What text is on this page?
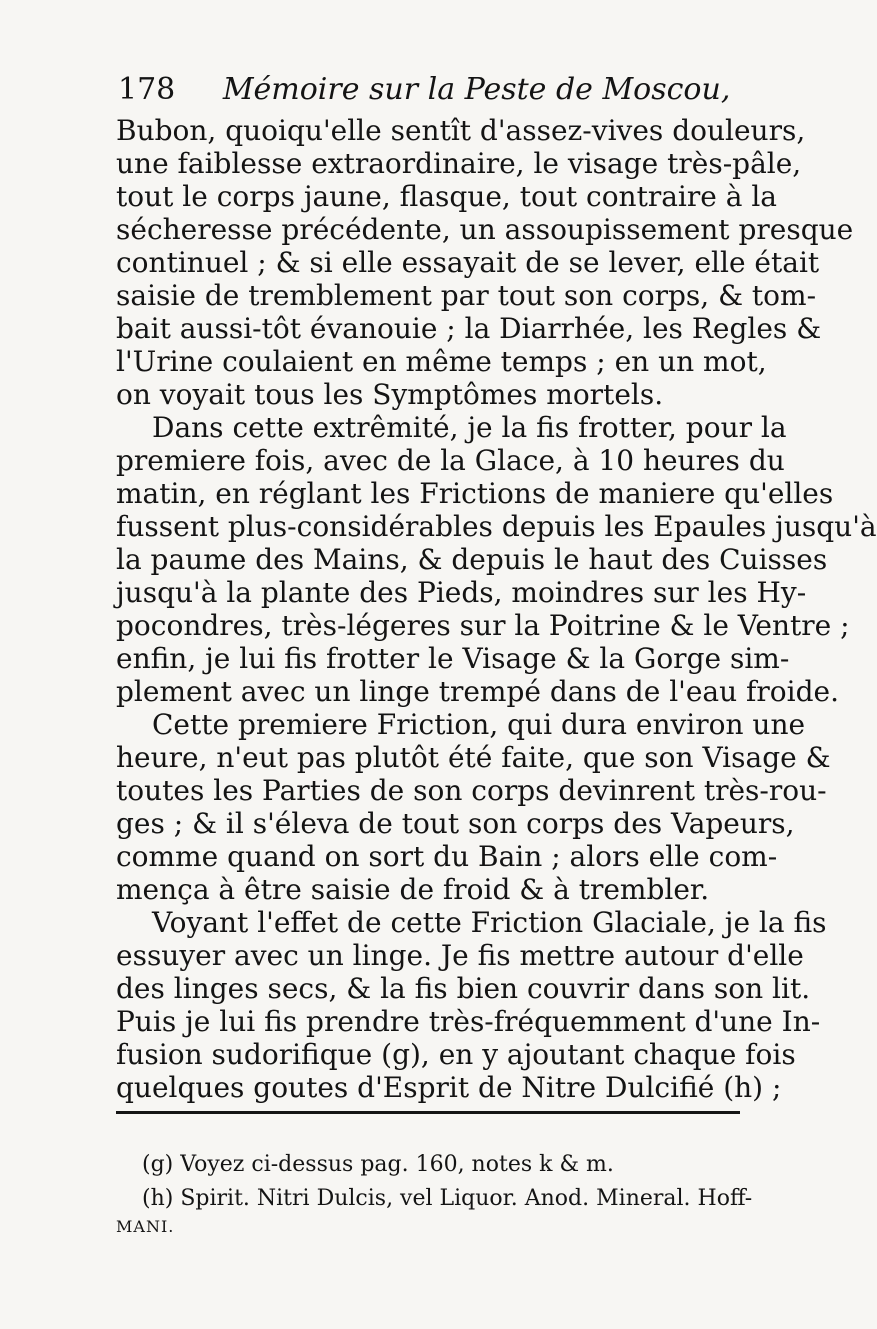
178 Mémoire sur la Peste de Moscou,
Bubon, quoiqu'elle sentît d'assez-vives douleurs,
une faiblesse extraordinaire, le visage très-pâle,
tout le corps jaune, flasque, tout contraire à la
sécheresse précédente, un assoupissement presque
continuel ; & si elle essayait de se lever, elle était
saisie de tremblement par tout son corps, & tom-
bait aussi-tôt évanouie ; la Diarrhée, les Regles &
l'Urine coulaient en même temps ; en un mot,
on voyait tous les Symptômes mortels.
Dans cette extrêmité, je la fis frotter, pour la
premiere fois, avec de la Glace, à 10 heures du
matin, en réglant les Frictions de maniere qu'elles
fussent plus-considérables depuis les Epaules jusqu'à
la paume des Mains, & depuis le haut des Cuisses
jusqu'à la plante des Pieds, moindres sur les Hy-
pocondres, très-légeres sur la Poitrine & le Ventre ;
enfin, je lui fis frotter le Visage & la Gorge sim-
plement avec un linge trempé dans de l'eau froide.
Cette premiere Friction, qui dura environ une
heure, n'eut pas plutôt été faite, que son Visage &
toutes les Parties de son corps devinrent très-rou-
ges ; & il s'éleva de tout son corps des Vapeurs,
comme quand on sort du Bain ; alors elle com-
mença à être saisie de froid & à trembler.
Voyant l'effet de cette Friction Glaciale, je la fis
essuyer avec un linge. Je fis mettre autour d'elle
des linges secs, & la fis bien couvrir dans son lit.
Puis je lui fis prendre très-fréquemment d'une In-
fusion sudorifique (g), en y ajoutant chaque fois
quelques goutes d'Esprit de Nitre Dulcifié (h) ;
(g) Voyez ci-dessus pag. 160, notes k & m.
(h) Spirit. Nitri Dulcis, vel Liquor. Anod. Mineral. Hoff-
MANI.
